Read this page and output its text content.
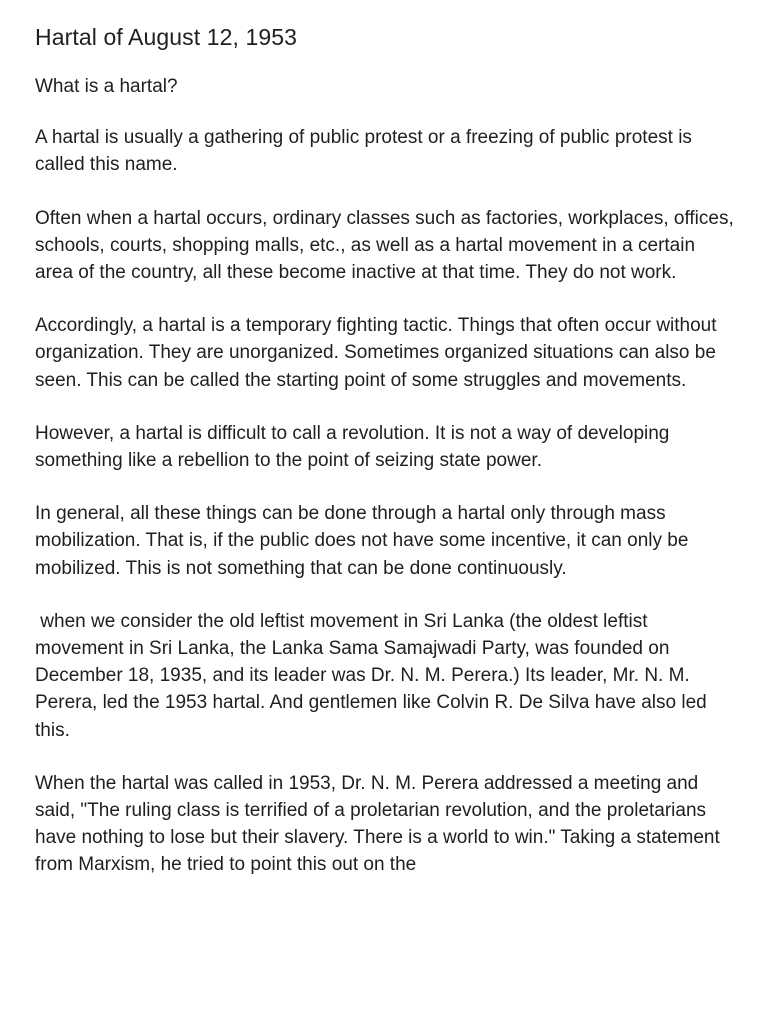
Hartal of August 12, 1953

What is a hartal?

A hartal is usually a gathering of public protest or a freezing of public protest is called this name.

Often when a hartal occurs, ordinary classes such as factories, workplaces, offices, schools, courts, shopping malls, etc., as well as a hartal movement in a certain area of the country, all these become inactive at that time. They do not work.

Accordingly, a hartal is a temporary fighting tactic. Things that often occur without organization. They are unorganized. Sometimes organized situations can also be seen. This can be called the starting point of some struggles and movements.

However, a hartal is difficult to call a revolution. It is not a way of developing something like a rebellion to the point of seizing state power.

In general, all these things can be done through a hartal only through mass mobilization. That is, if the public does not have some incentive, it can only be mobilized. This is not something that can be done continuously.

when we consider the old leftist movement in Sri Lanka (the oldest leftist movement in Sri Lanka, the Lanka Sama Samajwadi Party, was founded on December 18, 1935, and its leader was Dr. N. M. Perera.) Its leader, Mr. N. M. Perera, led the 1953 hartal. And gentlemen like Colvin R. De Silva have also led this.

When the hartal was called in 1953, Dr. N. M. Perera addressed a meeting and said, "The ruling class is terrified of a proletarian revolution, and the proletarians have nothing to lose but their slavery. There is a world to win." Taking a statement from Marxism, he tried to point this out on the
